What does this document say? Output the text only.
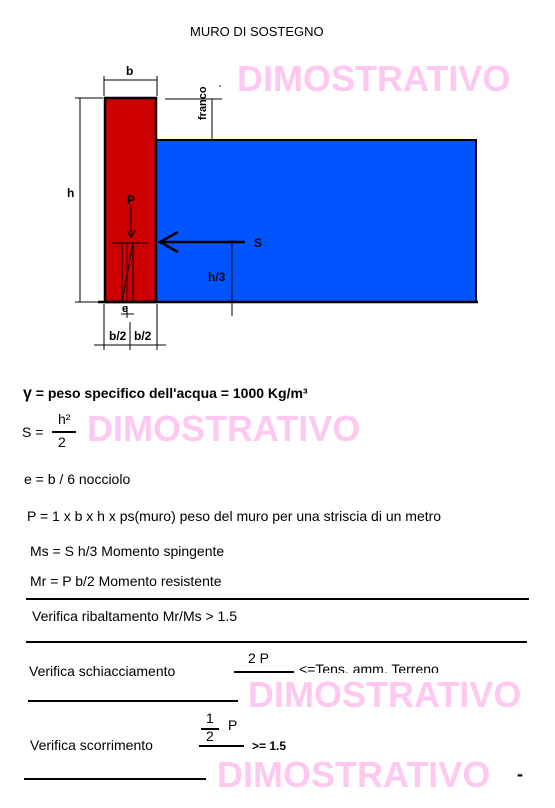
MURO DI SOSTEGNO
b
h
franco
P
S
h/3
e
b/2 b/2
DIMOSTRATIVO
DIMOSTRATIVO
DIMOSTRATIVO
DIMOSTRATIVO
γ = peso specifico dell'acqua = 1000 Kg/m³
S =
h²
2
e = b / 6 nocciolo
P = 1 x b x h x ps(muro) peso del muro per una striscia di un metro
Ms = S h/3 Momento spingente
Mr = P b/2 Momento resistente
Verifica ribaltamento Mr/Ms > 1.5
Verifica schiacciamento
2 P
<=Tens. amm. Terreno
Verifica scorrimento
1
2
P
>= 1.5
-
